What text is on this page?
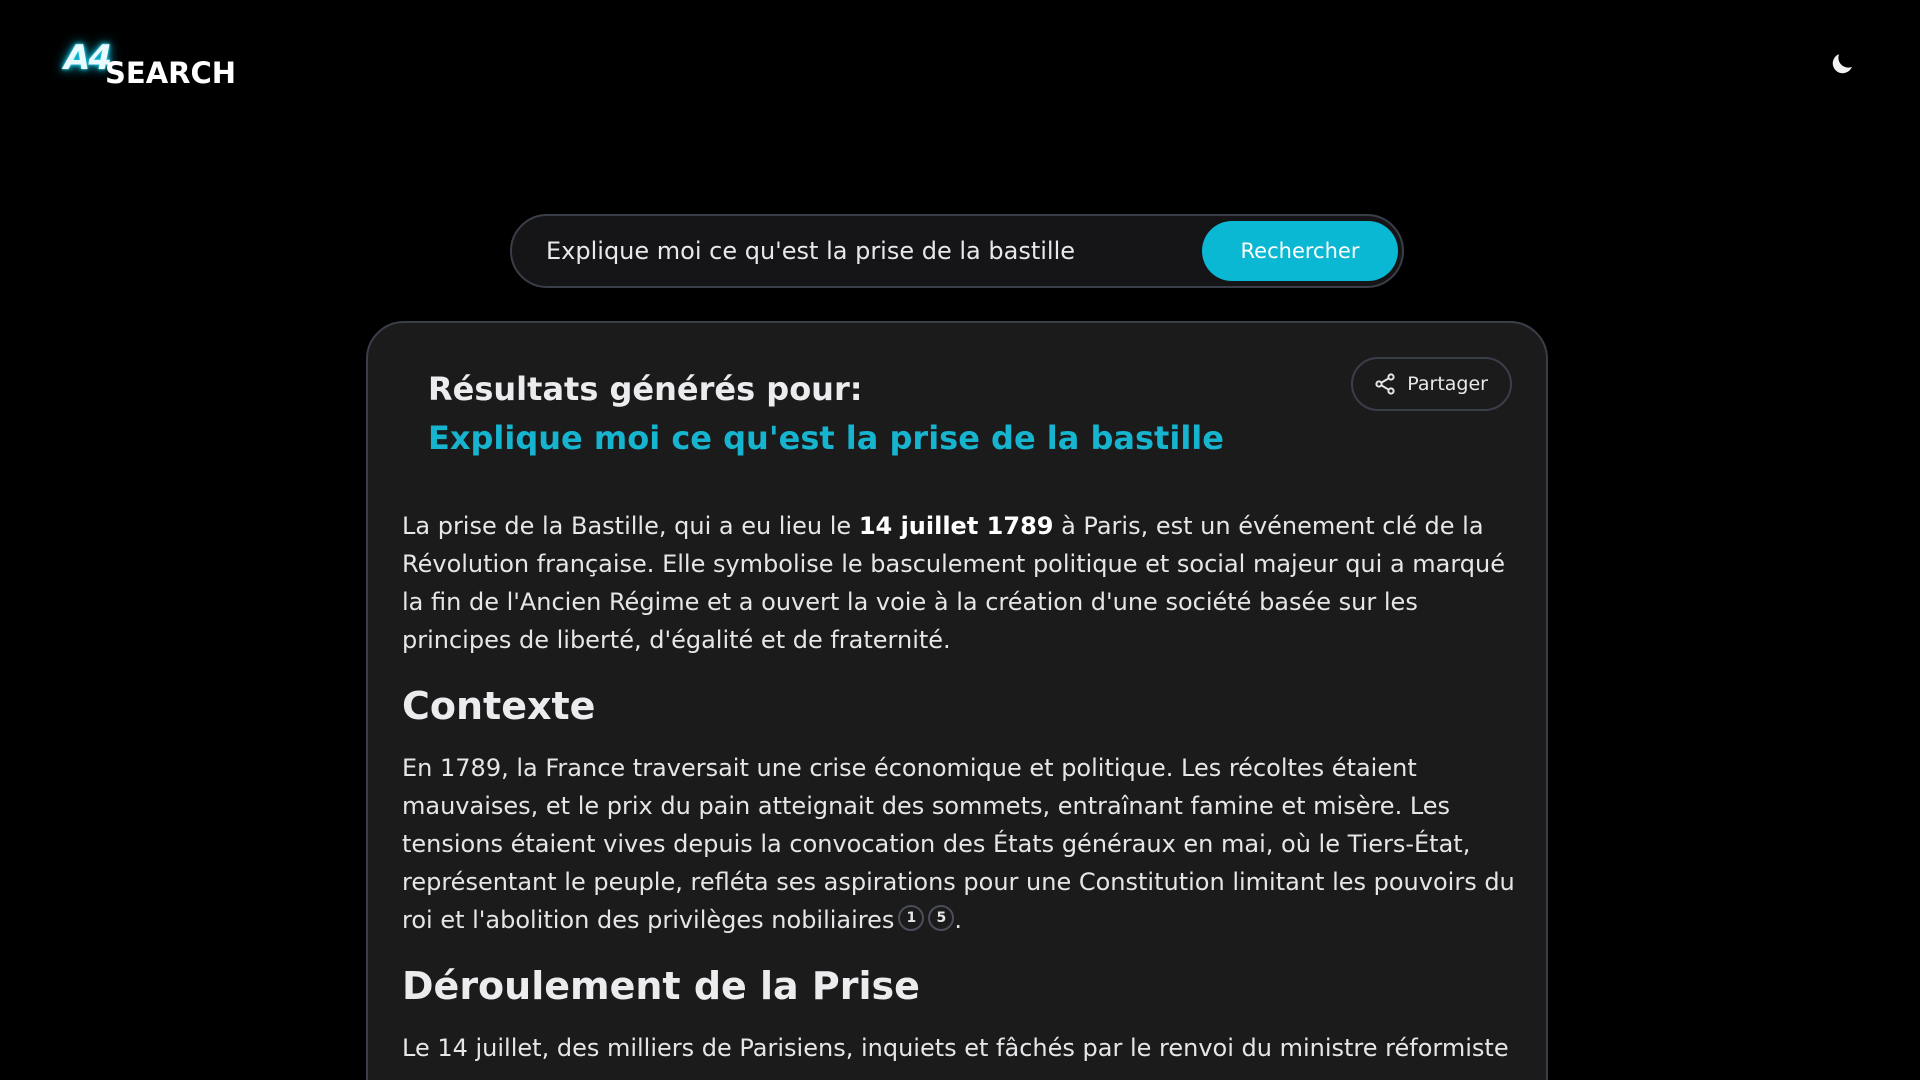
A4
SEARCH
Explique moi ce qu'est la prise de la bastille
Rechercher
Partager
Résultats générés pour:
Explique moi ce qu'est la prise de la bastille

La prise de la Bastille, qui a eu lieu le 14 juillet 1789 à Paris, est un événement clé de la Révolution française. Elle symbolise le basculement politique et social majeur qui a marqué la fin de l'Ancien Régime et a ouvert la voie à la création d'une société basée sur les principes de liberté, d'égalité et de fraternité.

Contexte

En 1789, la France traversait une crise économique et politique. Les récoltes étaient mauvaises, et le prix du pain atteignait des sommets, entraînant famine et misère. Les tensions étaient vives depuis la convocation des États généraux en mai, où le Tiers-État, représentant le peuple, refléta ses aspirations pour une Constitution limitant les pouvoirs du roi et l'abolition des privilèges nobiliaires 1 5 .

Déroulement de la Prise

Le 14 juillet, des milliers de Parisiens, inquiets et fâchés par le renvoi du ministre réformiste
